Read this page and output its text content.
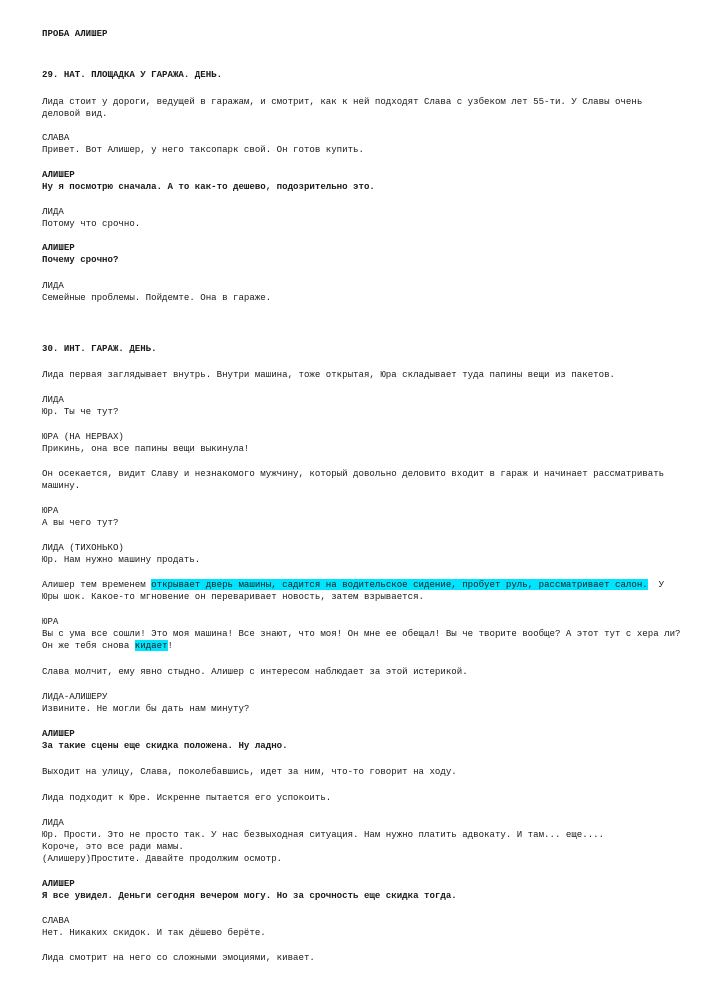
ПРОБА АЛИШЕР

29. НАТ. ПЛОЩАДКА У ГАРАЖА. ДЕНЬ.

Лида стоит у дороги, ведущей в гаражам, и смотрит, как к ней подходят Слава с узбеком лет 55-ти. У Славы очень деловой вид.

СЛАВА

Привет. Вот Алишер, у него таксопарк свой. Он готов купить.

АЛИШЕР

Ну я посмотрю сначала. А то как-то дешево, подозрительно это.

ЛИДА

Потому что срочно.

АЛИШЕР

Почему срочно?

ЛИДА

Семейные проблемы. Пойдемте. Она в гараже.

30. ИНТ. ГАРАЖ. ДЕНЬ.

Лида первая заглядывает внутрь. Внутри машина, тоже открытая, Юра складывает туда папины вещи из пакетов.

ЛИДА

Юр. Ты че тут?

ЮРА (НА НЕРВАХ)

Прикинь, она все папины вещи выкинула!

Он осекается, видит Славу и незнакомого мужчину, который довольно деловито входит в гараж и начинает рассматривать машину.

ЮРА

А вы чего тут?

ЛИДА (ТИХОНЬКО)

Юр. Нам нужно машину продать.

Алишер тем временем открывает дверь машины, садится на водительское сидение, пробует руль, рассматривает салон.  У Юры шок. Какое-то мгновение он переваривает новость, затем взрывается.

ЮРА

Вы с ума все сошли! Это моя машина! Все знают, что моя! Он мне ее обещал! Вы че творите вообще? А этот тут с хера ли? Он же тебя снова кидает!

Слава молчит, ему явно стыдно. Алишер с интересом наблюдает за этой истерикой.

ЛИДА-АЛИШЕРУ

Извините. Не могли бы дать нам минуту?

АЛИШЕР

За такие сцены еще скидка положена. Ну ладно.

Выходит на улицу, Слава, поколебавшись, идет за ним, что-то говорит на ходу.

Лида подходит к Юре. Искренне пытается его успокоить.

ЛИДА

Юр. Прости. Это не просто так. У нас безвыходная ситуация. Нам нужно платить адвокату. И там... еще....

Короче, это все ради мамы.

(Алишеру)Простите. Давайте продолжим осмотр.

АЛИШЕР

Я все увидел. Деньги сегодня вечером могу. Но за срочность еще скидка тогда.

СЛАВА

Нет. Никаких скидок. И так дёшево берёте.

Лида смотрит на него со сложными эмоциями, кивает.
